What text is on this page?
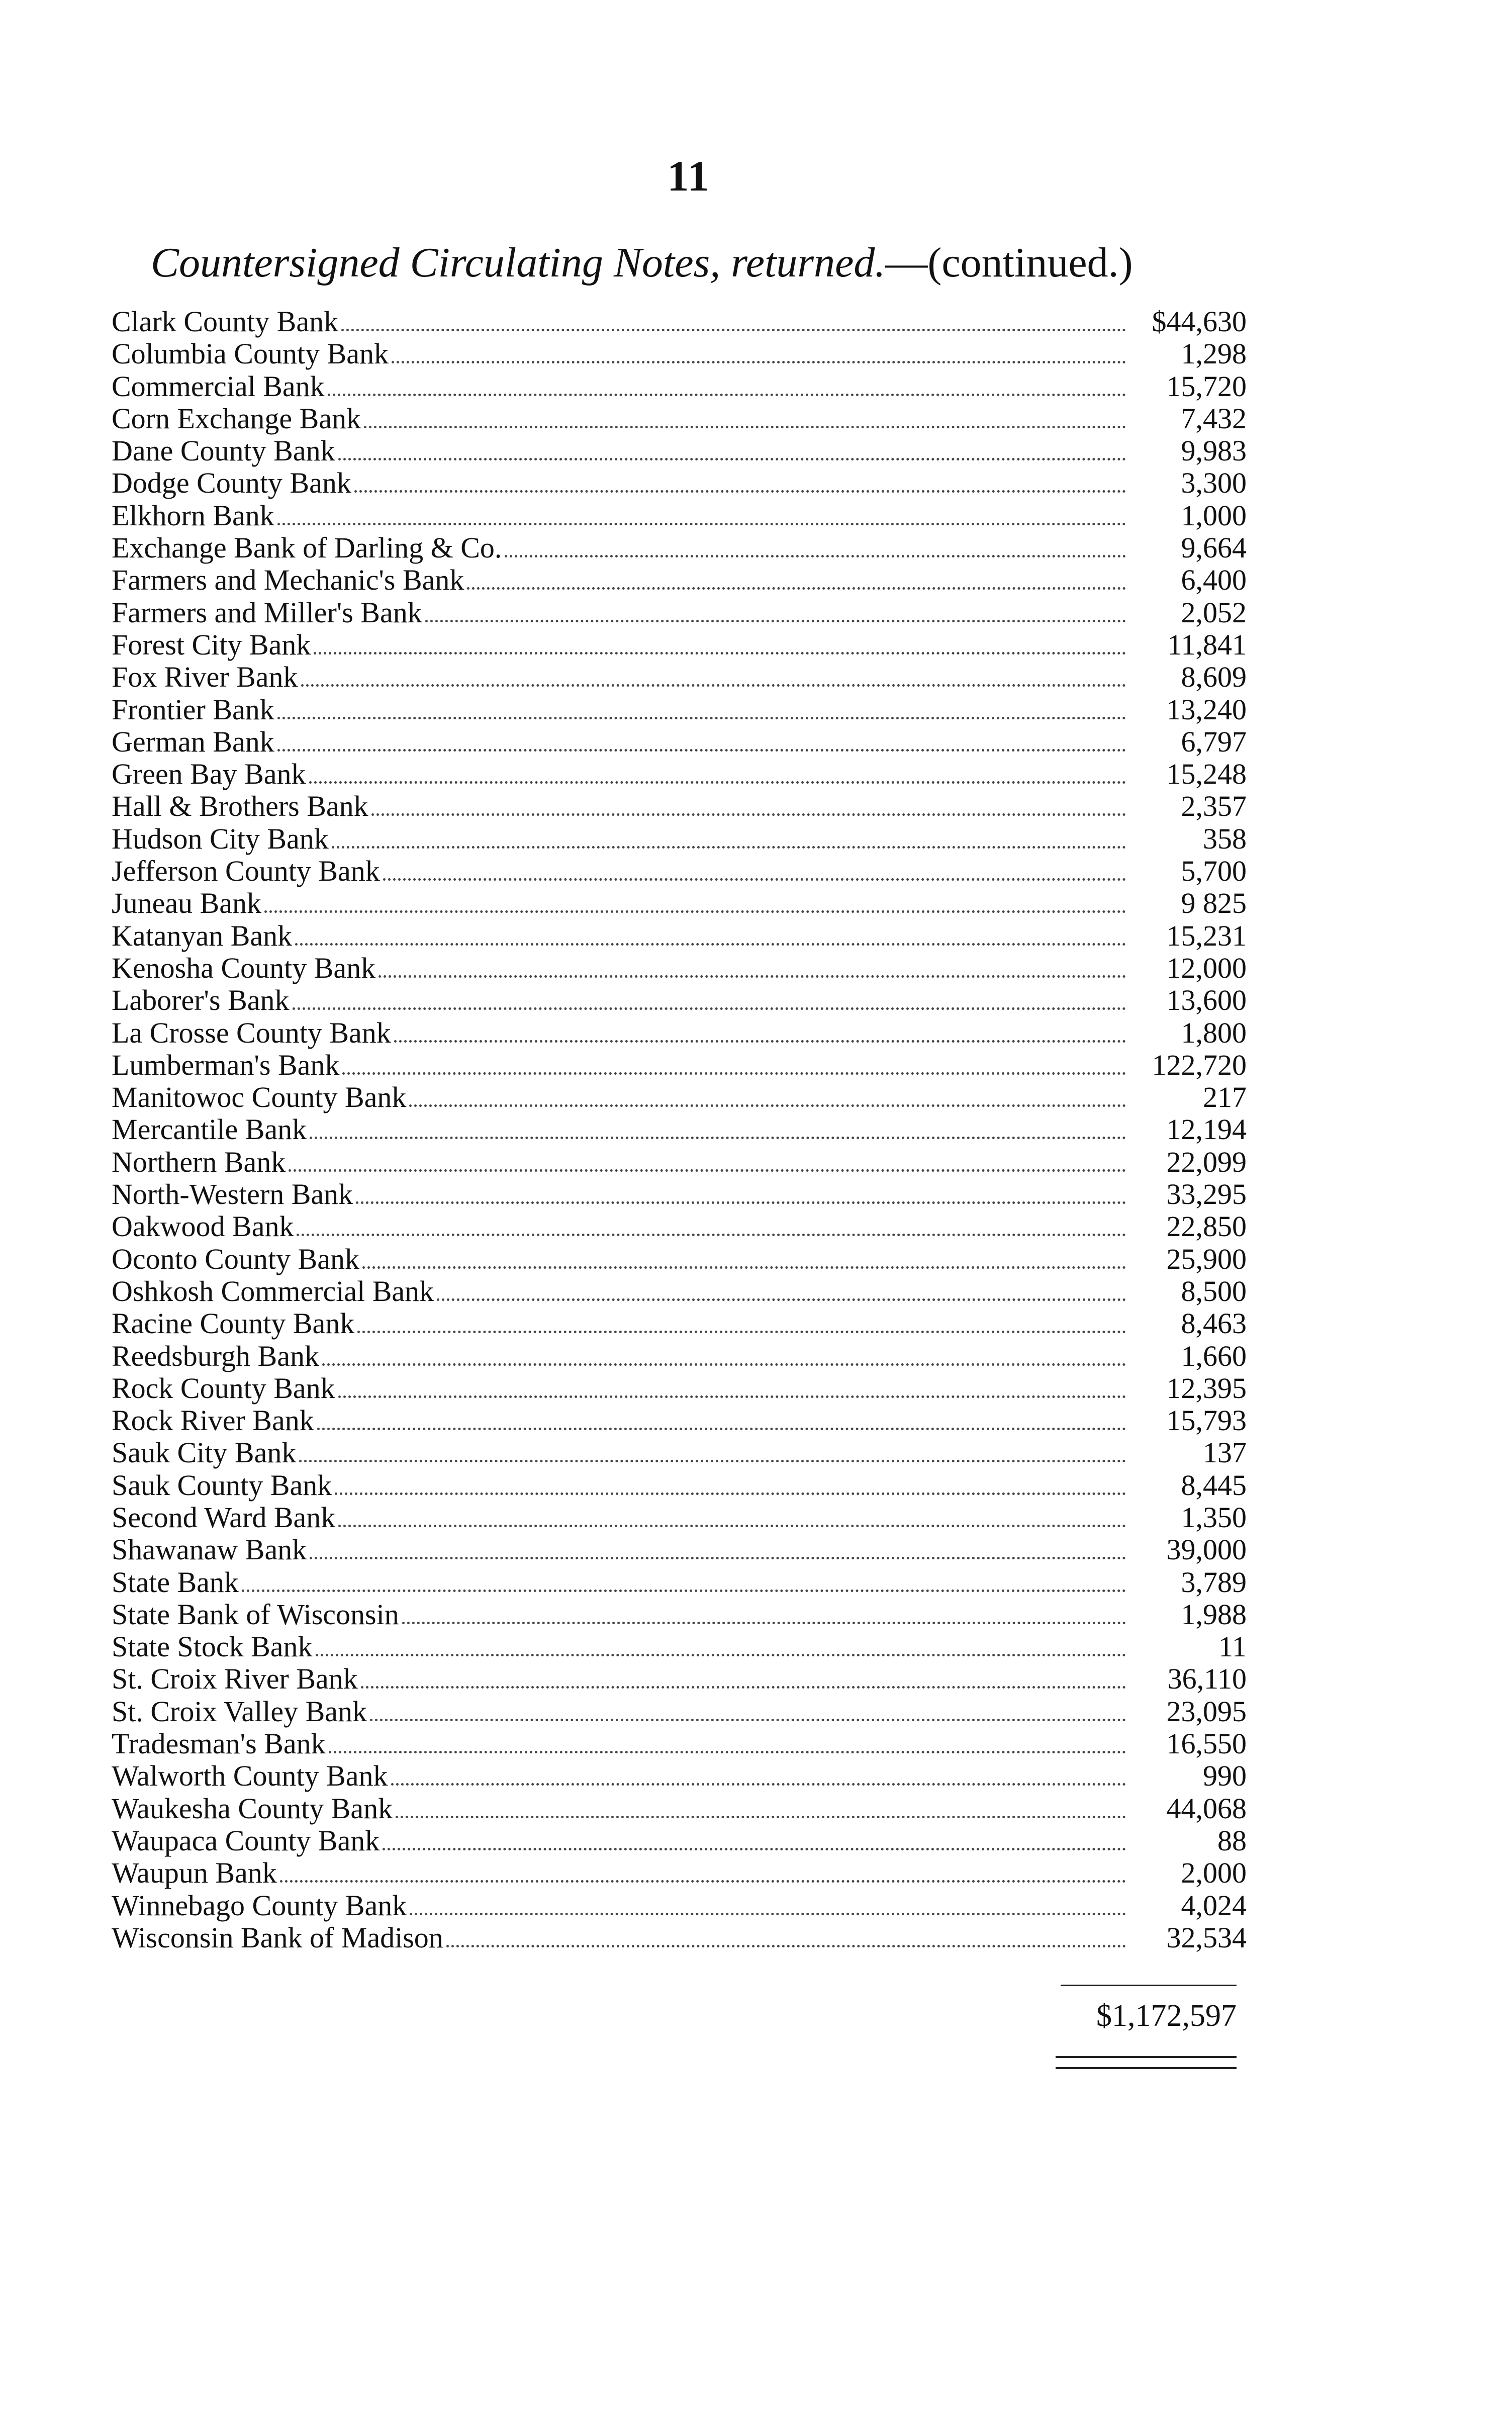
11
Countersigned Circulating Notes, returned.—(continued.)
Clark County Bank	$44,630
Columbia County Bank	1,298
Commercial Bank	15,720
Corn Exchange Bank	7,432
Dane County Bank	9,983
Dodge County Bank	3,300
Elkhorn Bank	1,000
Exchange Bank of Darling & Co.	9,664
Farmers and Mechanic's Bank	6,400
Farmers and Miller's Bank	2,052
Forest City Bank	11,841
Fox River Bank	8,609
Frontier Bank	13,240
German Bank	6,797
Green Bay Bank	15,248
Hall & Brothers Bank	2,357
Hudson City Bank	358
Jefferson County Bank	5,700
Juneau Bank	9 825
Katanyan Bank	15,231
Kenosha County Bank	12,000
Laborer's Bank	13,600
La Crosse County Bank	1,800
Lumberman's Bank	122,720
Manitowoc County Bank	217
Mercantile Bank	12,194
Northern Bank	22,099
North-Western Bank	33,295
Oakwood Bank	22,850
Oconto County Bank	25,900
Oshkosh Commercial Bank	8,500
Racine County Bank	8,463
Reedsburgh Bank	1,660
Rock County Bank	12,395
Rock River Bank	15,793
Sauk City Bank	137
Sauk County Bank	8,445
Second Ward Bank	1,350
Shawanaw Bank	39,000
State Bank	3,789
State Bank of Wisconsin	1,988
State Stock Bank	11
St. Croix River Bank	36,110
St. Croix Valley Bank	23,095
Tradesman's Bank	16,550
Walworth County Bank	990
Waukesha County Bank	44,068
Waupaca County Bank	88
Waupun Bank	2,000
Winnebago County Bank	4,024
Wisconsin Bank of Madison	32,534
$1,172,597
